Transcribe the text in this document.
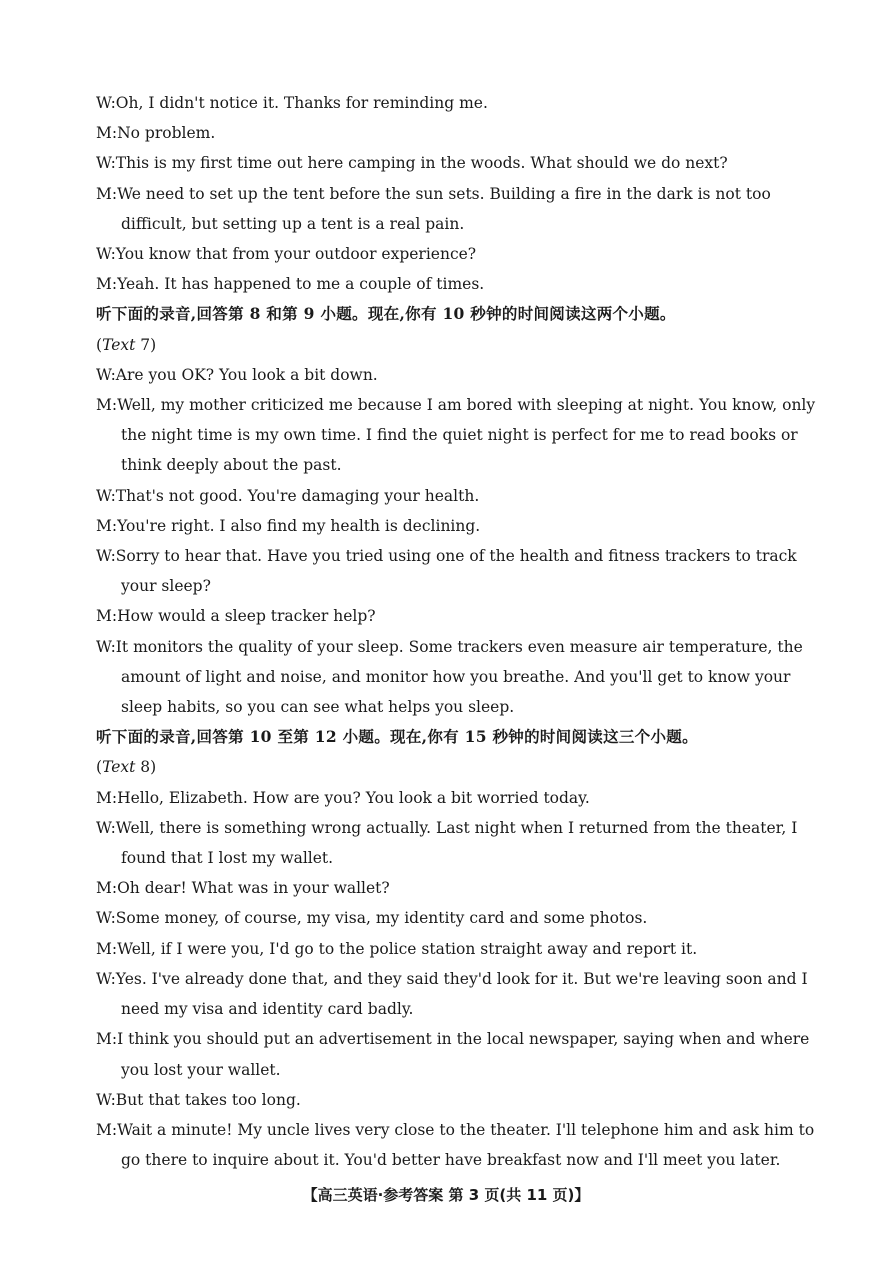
W:Oh, I didn't notice it. Thanks for reminding me.
M:No problem.
W:This is my first time out here camping in the woods. What should we do next?
M:We need to set up the tent before the sun sets. Building a fire in the dark is not too
difficult, but setting up a tent is a real pain.
W:You know that from your outdoor experience?
M:Yeah. It has happened to me a couple of times.
听下面的录音,回答第 8 和第 9 小题。现在,你有 10 秒钟的时间阅读这两个小题。
(Text 7)
W:Are you OK? You look a bit down.
M:Well, my mother criticized me because I am bored with sleeping at night. You know, only
the night time is my own time. I find the quiet night is perfect for me to read books or
think deeply about the past.
W:That's not good. You're damaging your health.
M:You're right. I also find my health is declining.
W:Sorry to hear that. Have you tried using one of the health and fitness trackers to track
your sleep?
M:How would a sleep tracker help?
W:It monitors the quality of your sleep. Some trackers even measure air temperature, the
amount of light and noise, and monitor how you breathe. And you'll get to know your
sleep habits, so you can see what helps you sleep.
听下面的录音,回答第 10 至第 12 小题。现在,你有 15 秒钟的时间阅读这三个小题。
(Text 8)
M:Hello, Elizabeth. How are you? You look a bit worried today.
W:Well, there is something wrong actually. Last night when I returned from the theater, I
found that I lost my wallet.
M:Oh dear! What was in your wallet?
W:Some money, of course, my visa, my identity card and some photos.
M:Well, if I were you, I'd go to the police station straight away and report it.
W:Yes. I've already done that, and they said they'd look for it. But we're leaving soon and I
need my visa and identity card badly.
M:I think you should put an advertisement in the local newspaper, saying when and where
you lost your wallet.
W:But that takes too long.
M:Wait a minute! My uncle lives very close to the theater. I'll telephone him and ask him to
go there to inquire about it. You'd better have breakfast now and I'll meet you later.
【高三英语·参考答案 第 3 页(共 11 页)】
